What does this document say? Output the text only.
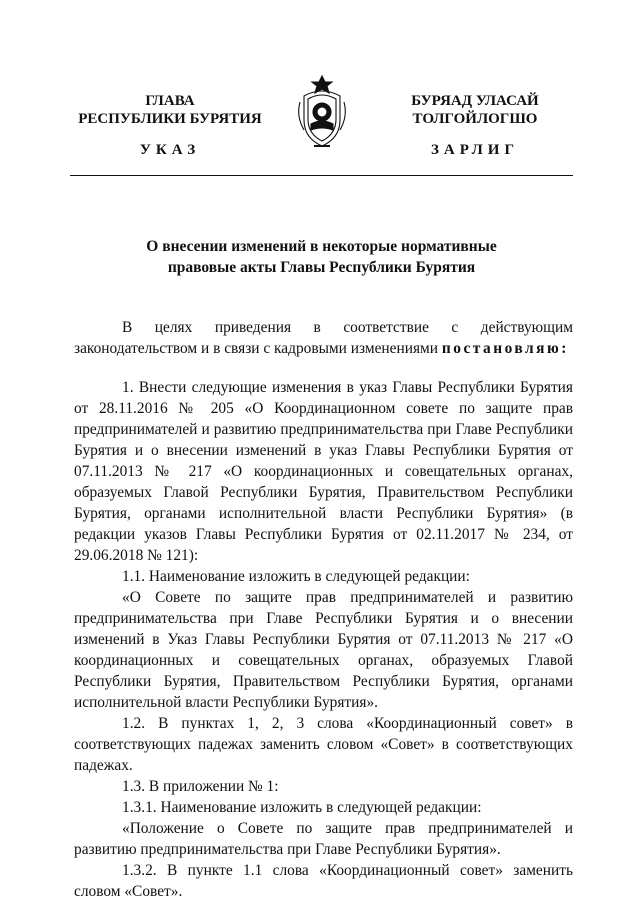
ГЛАВА
РЕСПУБЛИКИ БУРЯТИЯ
БУРЯАД УЛАСАЙ
ТОЛГОЙЛОГШО
УКАЗ	ЗАРЛИГ
О внесении изменений в некоторые нормативные
правовые акты Главы Республики Бурятия

В целях приведения в соответствие с действующим законодательством и в связи с кадровыми изменениями постановляю:

1. Внести следующие изменения в указ Главы Республики Бурятия от 28.11.2016 № 205 «О Координационном совете по защите прав предпринимателей и развитию предпринимательства при Главе Республики Бурятия и о внесении изменений в указ Главы Республики Бурятия от 07.11.2013 № 217 «О координационных и совещательных органах, образуемых Главой Республики Бурятия, Правительством Республики Бурятия, органами исполнительной власти Республики Бурятия» (в редакции указов Главы Республики Бурятия от 02.11.2017 № 234, от 29.06.2018 № 121):

1.1. Наименование изложить в следующей редакции:

«О Совете по защите прав предпринимателей и развитию предпринимательства при Главе Республики Бурятия и о внесении изменений в Указ Главы Республики Бурятия от 07.11.2013 № 217 «О координационных и совещательных органах, образуемых Главой Республики Бурятия, Правительством Республики Бурятия, органами исполнительной власти Республики Бурятия».

1.2. В пунктах 1, 2, 3 слова «Координационный совет» в соответствующих падежах заменить словом «Совет» в соответствующих падежах.

1.3. В приложении № 1:

1.3.1. Наименование изложить в следующей редакции:

«Положение о Совете по защите прав предпринимателей и развитию предпринимательства при Главе Республики Бурятия».

1.3.2. В пункте 1.1 слова «Координационный совет» заменить словом «Совет».
